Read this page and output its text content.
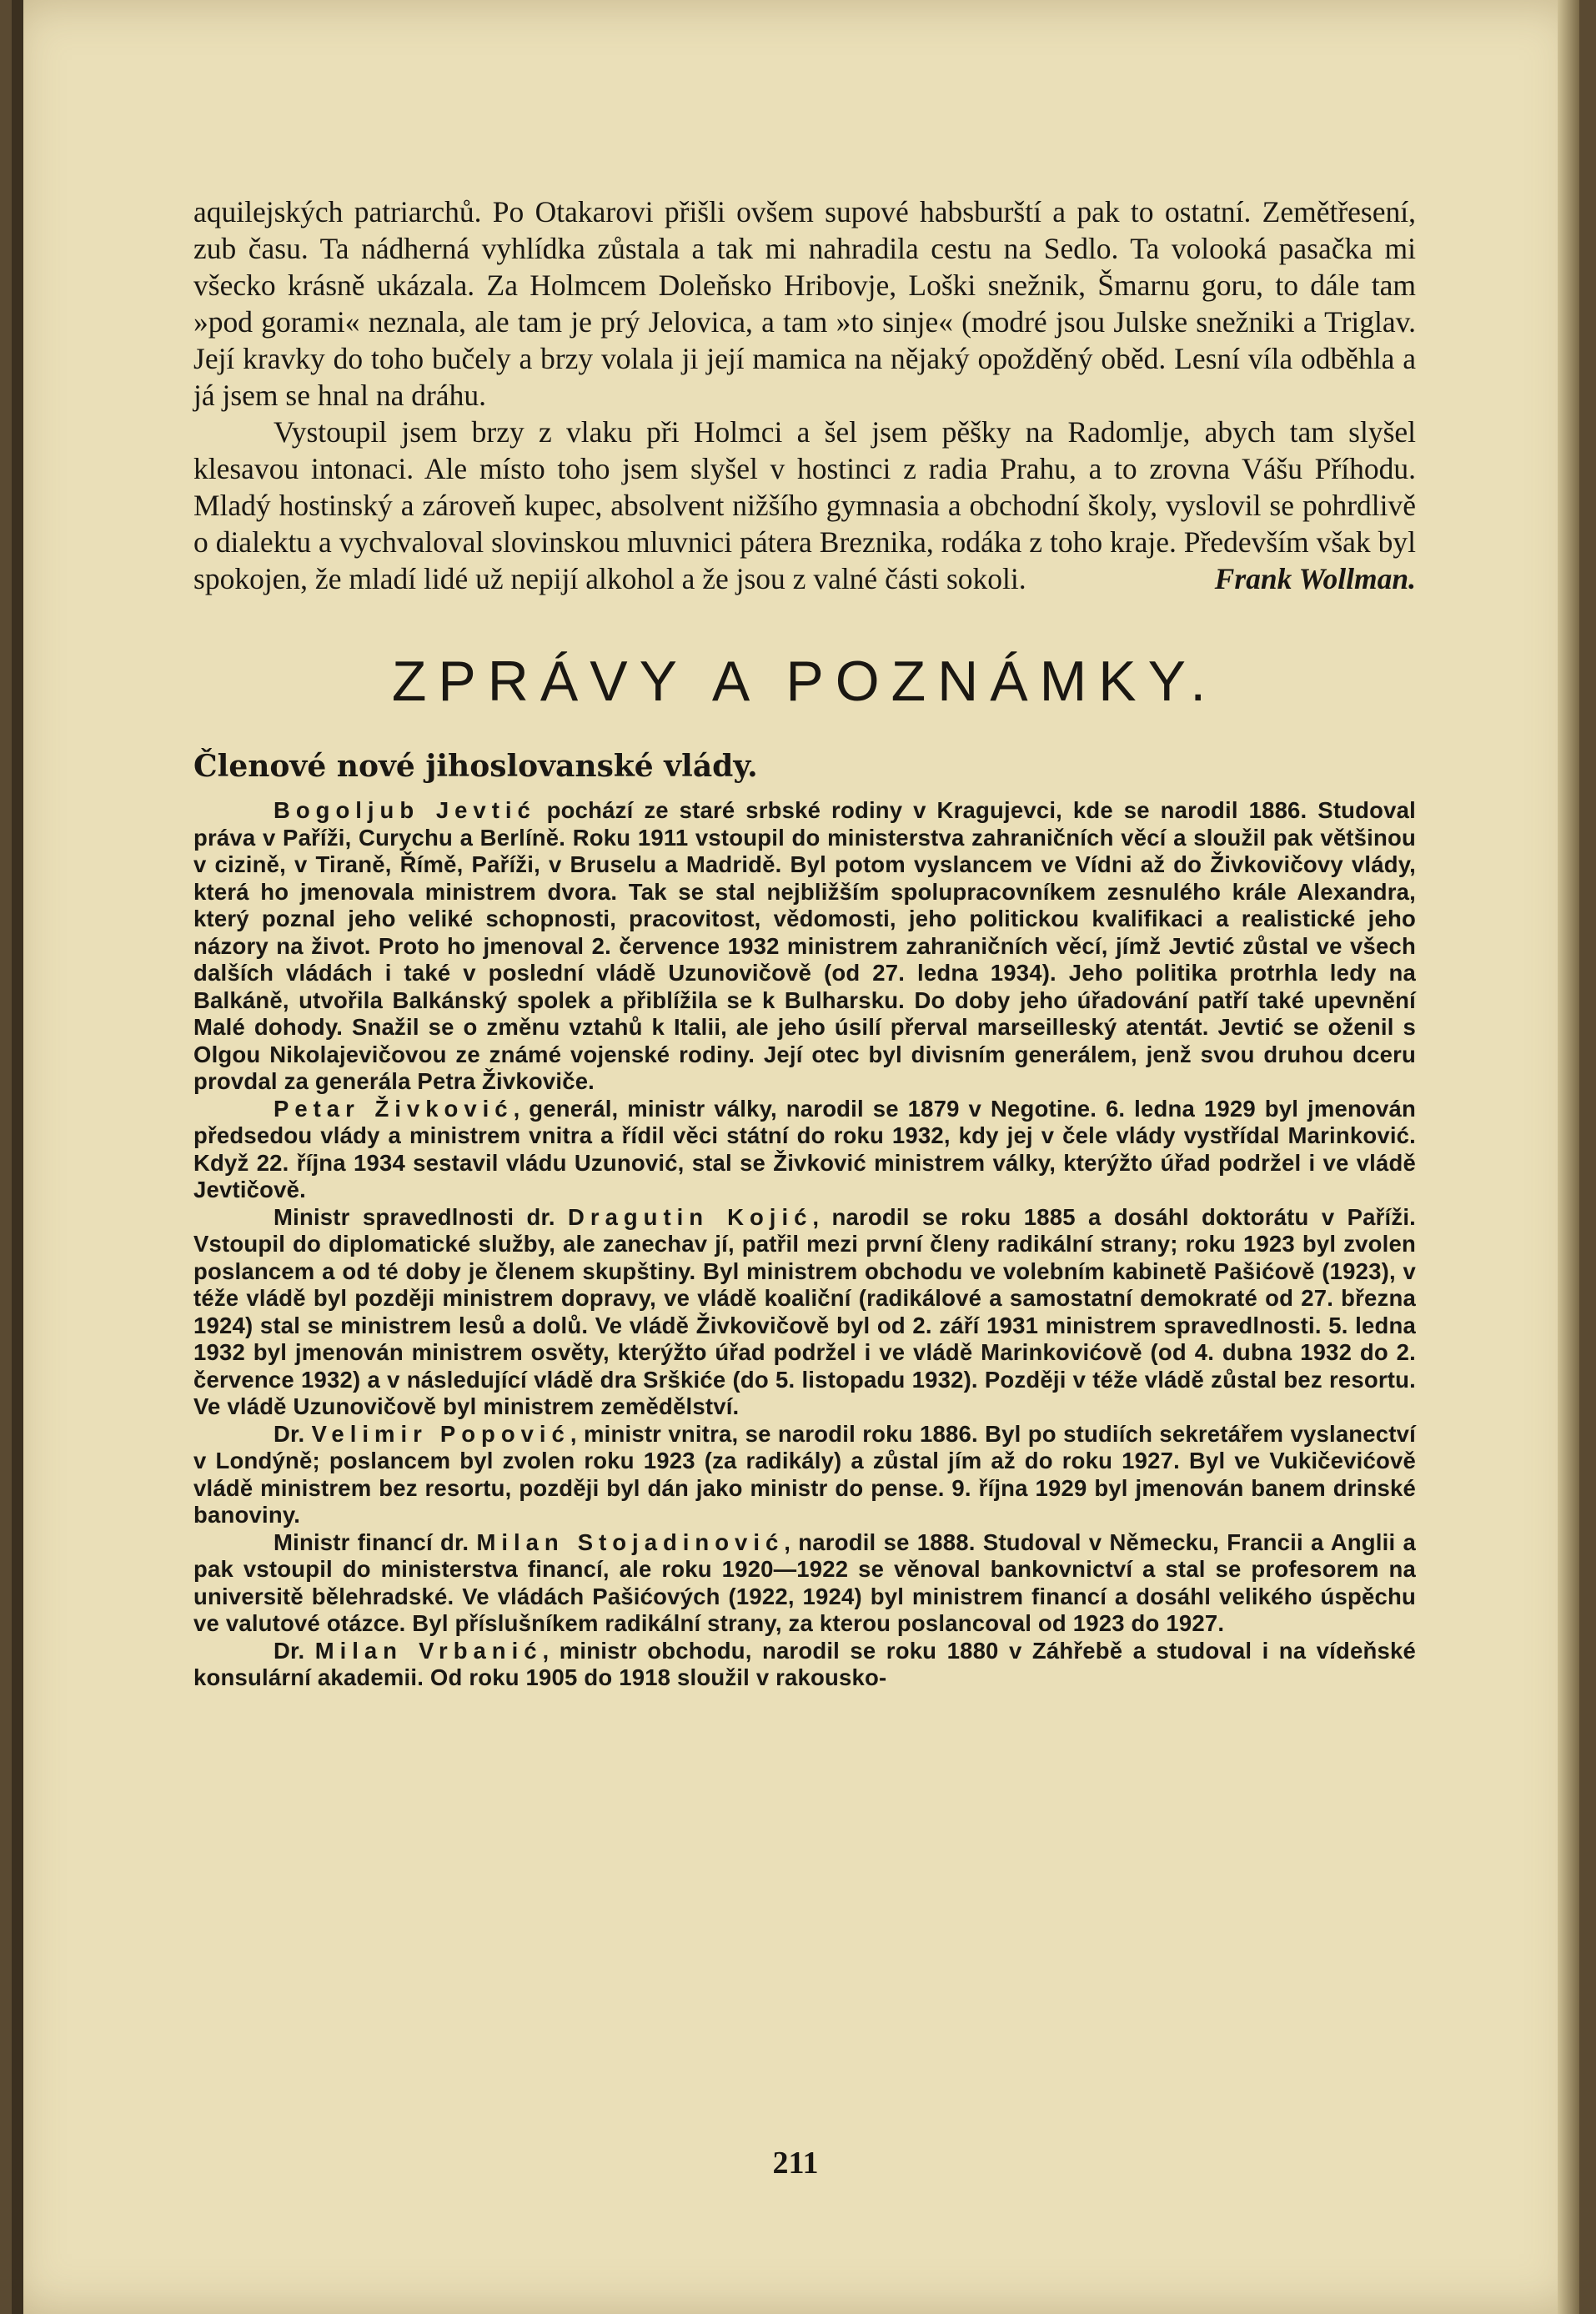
aquilejských patriarchů. Po Otakarovi přišli ovšem supové habsburští a pak to ostatní. Zemětřesení, zub času. Ta nádherná vyhlídka zůstala a tak mi nahradila cestu na Sedlo. Ta volooká pasačka mi všecko krásně ukázala. Za Holmcem Doleňsko Hribovje, Loški snežnik, Šmarnu goru, to dále tam »pod gorami« neznala, ale tam je prý Jelovica, a tam »to sinje« (modré jsou Julske snežniki a Triglav. Její kravky do toho bučely a brzy volala ji její mamica na nějaký opožděný oběd. Lesní víla odběhla a já jsem se hnal na dráhu.

Vystoupil jsem brzy z vlaku při Holmci a šel jsem pěšky na Radomlje, abych tam slyšel klesavou intonaci. Ale místo toho jsem slyšel v hostinci z radia Prahu, a to zrovna Vášu Příhodu. Mladý hostinský a zároveň kupec, absolvent nižšího gymnasia a obchodní školy, vyslovil se pohrdlivě o dialektu a vychvaloval slovinskou mluvnici pátera Breznika, rodáka z toho kraje. Především však byl spokojen, že mladí lidé už nepijí alkohol a že jsou z valné části sokoli.	Frank Wollman.

ZPRÁVY A POZNÁMKY.
Členové nové jihoslovanské vlády.

Bogoljub Jevtić pochází ze staré srbské rodiny v Kragujevci, kde se narodil 1886. Studoval práva v Paříži, Curychu a Berlíně. Roku 1911 vstoupil do ministerstva zahraničních věcí a sloužil pak většinou v cizině, v Tiraně, Římě, Paříži, v Bruselu a Madridě. Byl potom vyslancem ve Vídni až do Živkovičovy vlády, která ho jmenovala ministrem dvora. Tak se stal nejbližším spolupracovníkem zesnulého krále Alexandra, který poznal jeho veliké schopnosti, pracovitost, vědomosti, jeho politickou kvalifikaci a realistické jeho názory na život. Proto ho jmenoval 2. července 1932 ministrem zahraničních věcí, jímž Jevtić zůstal ve všech dalších vládách i také v poslední vládě Uzunovičově (od 27. ledna 1934). Jeho politika protrhla ledy na Balkáně, utvořila Balkánský spolek a přiblížila se k Bulharsku. Do doby jeho úřadování patří také upevnění Malé dohody. Snažil se o změnu vztahů k Italii, ale jeho úsilí přerval marseilleský atentát. Jevtić se oženil s Olgou Nikolajevičovou ze známé vojenské rodiny. Její otec byl divisním generálem, jenž svou druhou dceru provdal za generála Petra Živkoviče.

Petar Živković, generál, ministr války, narodil se 1879 v Negotine. 6. ledna 1929 byl jmenován předsedou vlády a ministrem vnitra a řídil věci státní do roku 1932, kdy jej v čele vlády vystřídal Marinković. Když 22. října 1934 sestavil vládu Uzunović, stal se Živković ministrem války, kterýžto úřad podržel i ve vládě Jevtičově.

Ministr spravedlnosti dr. Dragutin Kojić, narodil se roku 1885 a dosáhl doktorátu v Paříži. Vstoupil do diplomatické služby, ale zanechav jí, patřil mezi první členy radikální strany; roku 1923 byl zvolen poslancem a od té doby je členem skupštiny. Byl ministrem obchodu ve volebním kabinetě Pašićově (1923), v téže vládě byl později ministrem dopravy, ve vládě koaliční (radikálové a samostatní demokraté od 27. března 1924) stal se ministrem lesů a dolů. Ve vládě Živkovičově byl od 2. září 1931 ministrem spravedlnosti. 5. ledna 1932 byl jmenován ministrem osvěty, kterýžto úřad podržel i ve vládě Marinkovićově (od 4. dubna 1932 do 2. července 1932) a v následující vládě dra Srškiće (do 5. listopadu 1932). Později v téže vládě zůstal bez resortu. Ve vládě Uzunovičově byl ministrem zemědělství.

Dr. Velimir Popović, ministr vnitra, se narodil roku 1886. Byl po studiích sekretářem vyslanectví v Londýně; poslancem byl zvolen roku 1923 (za radikály) a zůstal jím až do roku 1927. Byl ve Vukičevićově vládě ministrem bez resortu, později byl dán jako ministr do pense. 9. října 1929 byl jmenován banem drinské banoviny.

Ministr financí dr. Milan Stojadinović, narodil se 1888. Studoval v Německu, Francii a Anglii a pak vstoupil do ministerstva financí, ale roku 1920—1922 se věnoval bankovnictví a stal se profesorem na universitě bělehradské. Ve vládách Pašićových (1922, 1924) byl ministrem financí a dosáhl velikého úspěchu ve valutové otázce. Byl příslušníkem radikální strany, za kterou poslancoval od 1923 do 1927.

Dr. Milan Vrbanić, ministr obchodu, narodil se roku 1880 v Záhřebě a studoval i na vídeňské konsulární akademii. Od roku 1905 do 1918 sloužil v rakousko-

211
